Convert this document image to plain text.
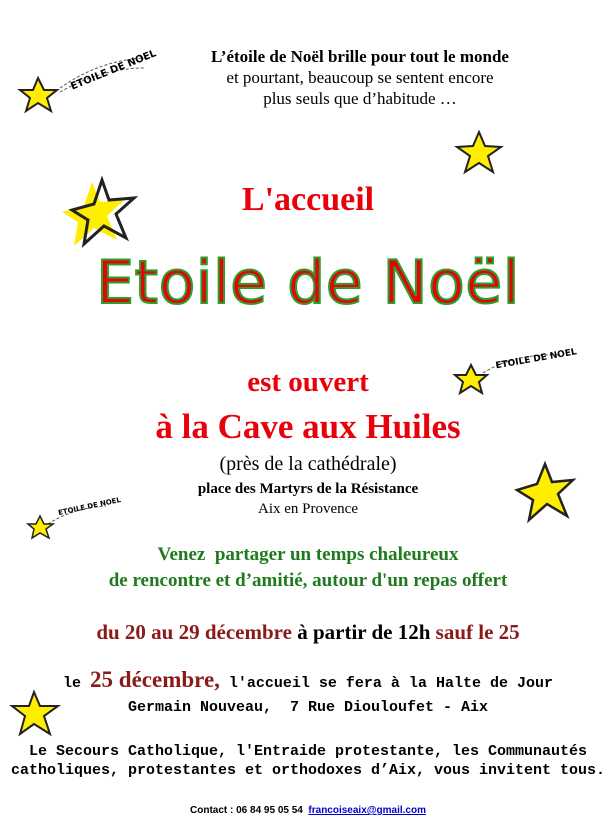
ETOILE DE NOEL
ETOILE DE NOEL
ETOILE DE NOEL
L’étoile de Noël brille pour tout le monde
et pourtant, beaucoup se sentent encore
plus seuls que d’habitude …
L'accueil
Etoile de Noël
est ouvert
à la Cave aux Huiles
(près de la cathédrale)
place des Martyrs de la Résistance
Aix en Provence
Venez  partager un temps chaleureux
de rencontre et d’amitié, autour d'un repas offert
du 20 au 29 décembre à partir de 12h sauf le 25
le 25 décembre, l'accueil se fera à la Halte de Jour
Germain Nouveau,  7 Rue Diouloufet - Aix
Le Secours Catholique, l'Entraide protestante, les Communautés
catholiques, protestantes et orthodoxes d’Aix, vous invitent tous.
Contact : 06 84 95 05 54  francoiseaix@gmail.com
